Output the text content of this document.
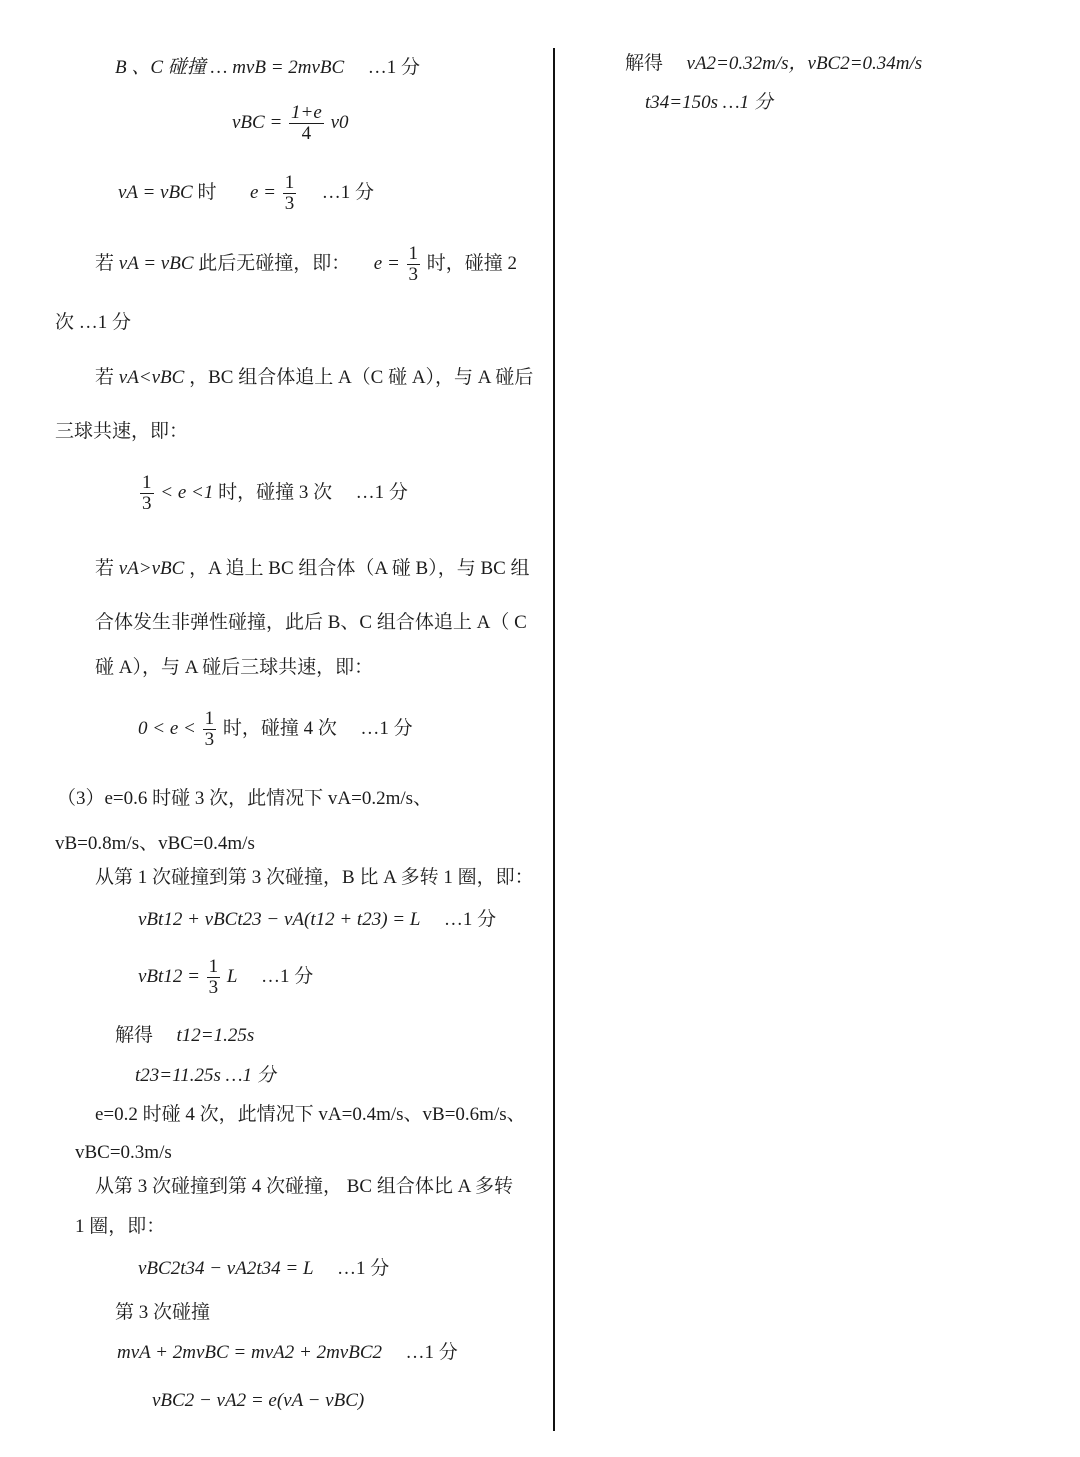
B 、C 碰撞 … mvB = 2mvBC …1 分
vBC = $\frac{1+e}{4} v0$
vA = vBC 时 $e = \frac{1}{3}$ …1 分
若 vA = vBC 此后无碰撞，即： $e = \frac{1}{3}$ 时，碰撞 2
次 …1 分
若 vA<vBC ，BC 组合体追上 A（C 碰 A），与 A 碰后
三球共速，即：
$\frac{1}{3} < e <1$ 时，碰撞 3 次 …1 分
若 vA>vBC ，A 追上 BC 组合体（A 碰 B），与 BC 组
合体发生非弹性碰撞，此后 B、C 组合体追上 A（ C
碰 A），与 A 碰后三球共速，即：
$0 < e < \frac{1}{3}$ 时，碰撞 4 次 …1 分
（3）e=0.6 时碰 3 次，此情况下 vA=0.2m/s、
vB=0.8m/s、vBC=0.4m/s
从第 1 次碰撞到第 3 次碰撞，B 比 A 多转 1 圈，即：
vBt12 + vBCt23 − vA(t12 + t23) = L …1 分
$vBt12 = \frac{1}{3}$ L …1 分
解得 t12=1.25s
t23=11.25s …1 分
e=0.2 时碰 4 次，此情况下 vA=0.4m/s、vB=0.6m/s、
vBC=0.3m/s
从第 3 次碰撞到第 4 次碰撞， BC 组合体比 A 多转
1 圈，即：
vBC2t34 − vA2t34 = L …1 分
第 3 次碰撞
mvA + 2mvBC = mvA2 + 2mvBC2 …1 分
vBC2 − vA2 = e(vA − vBC)
解得 vA2=0.32m/s，vBC2=0.34m/s
t34=150s …1 分
